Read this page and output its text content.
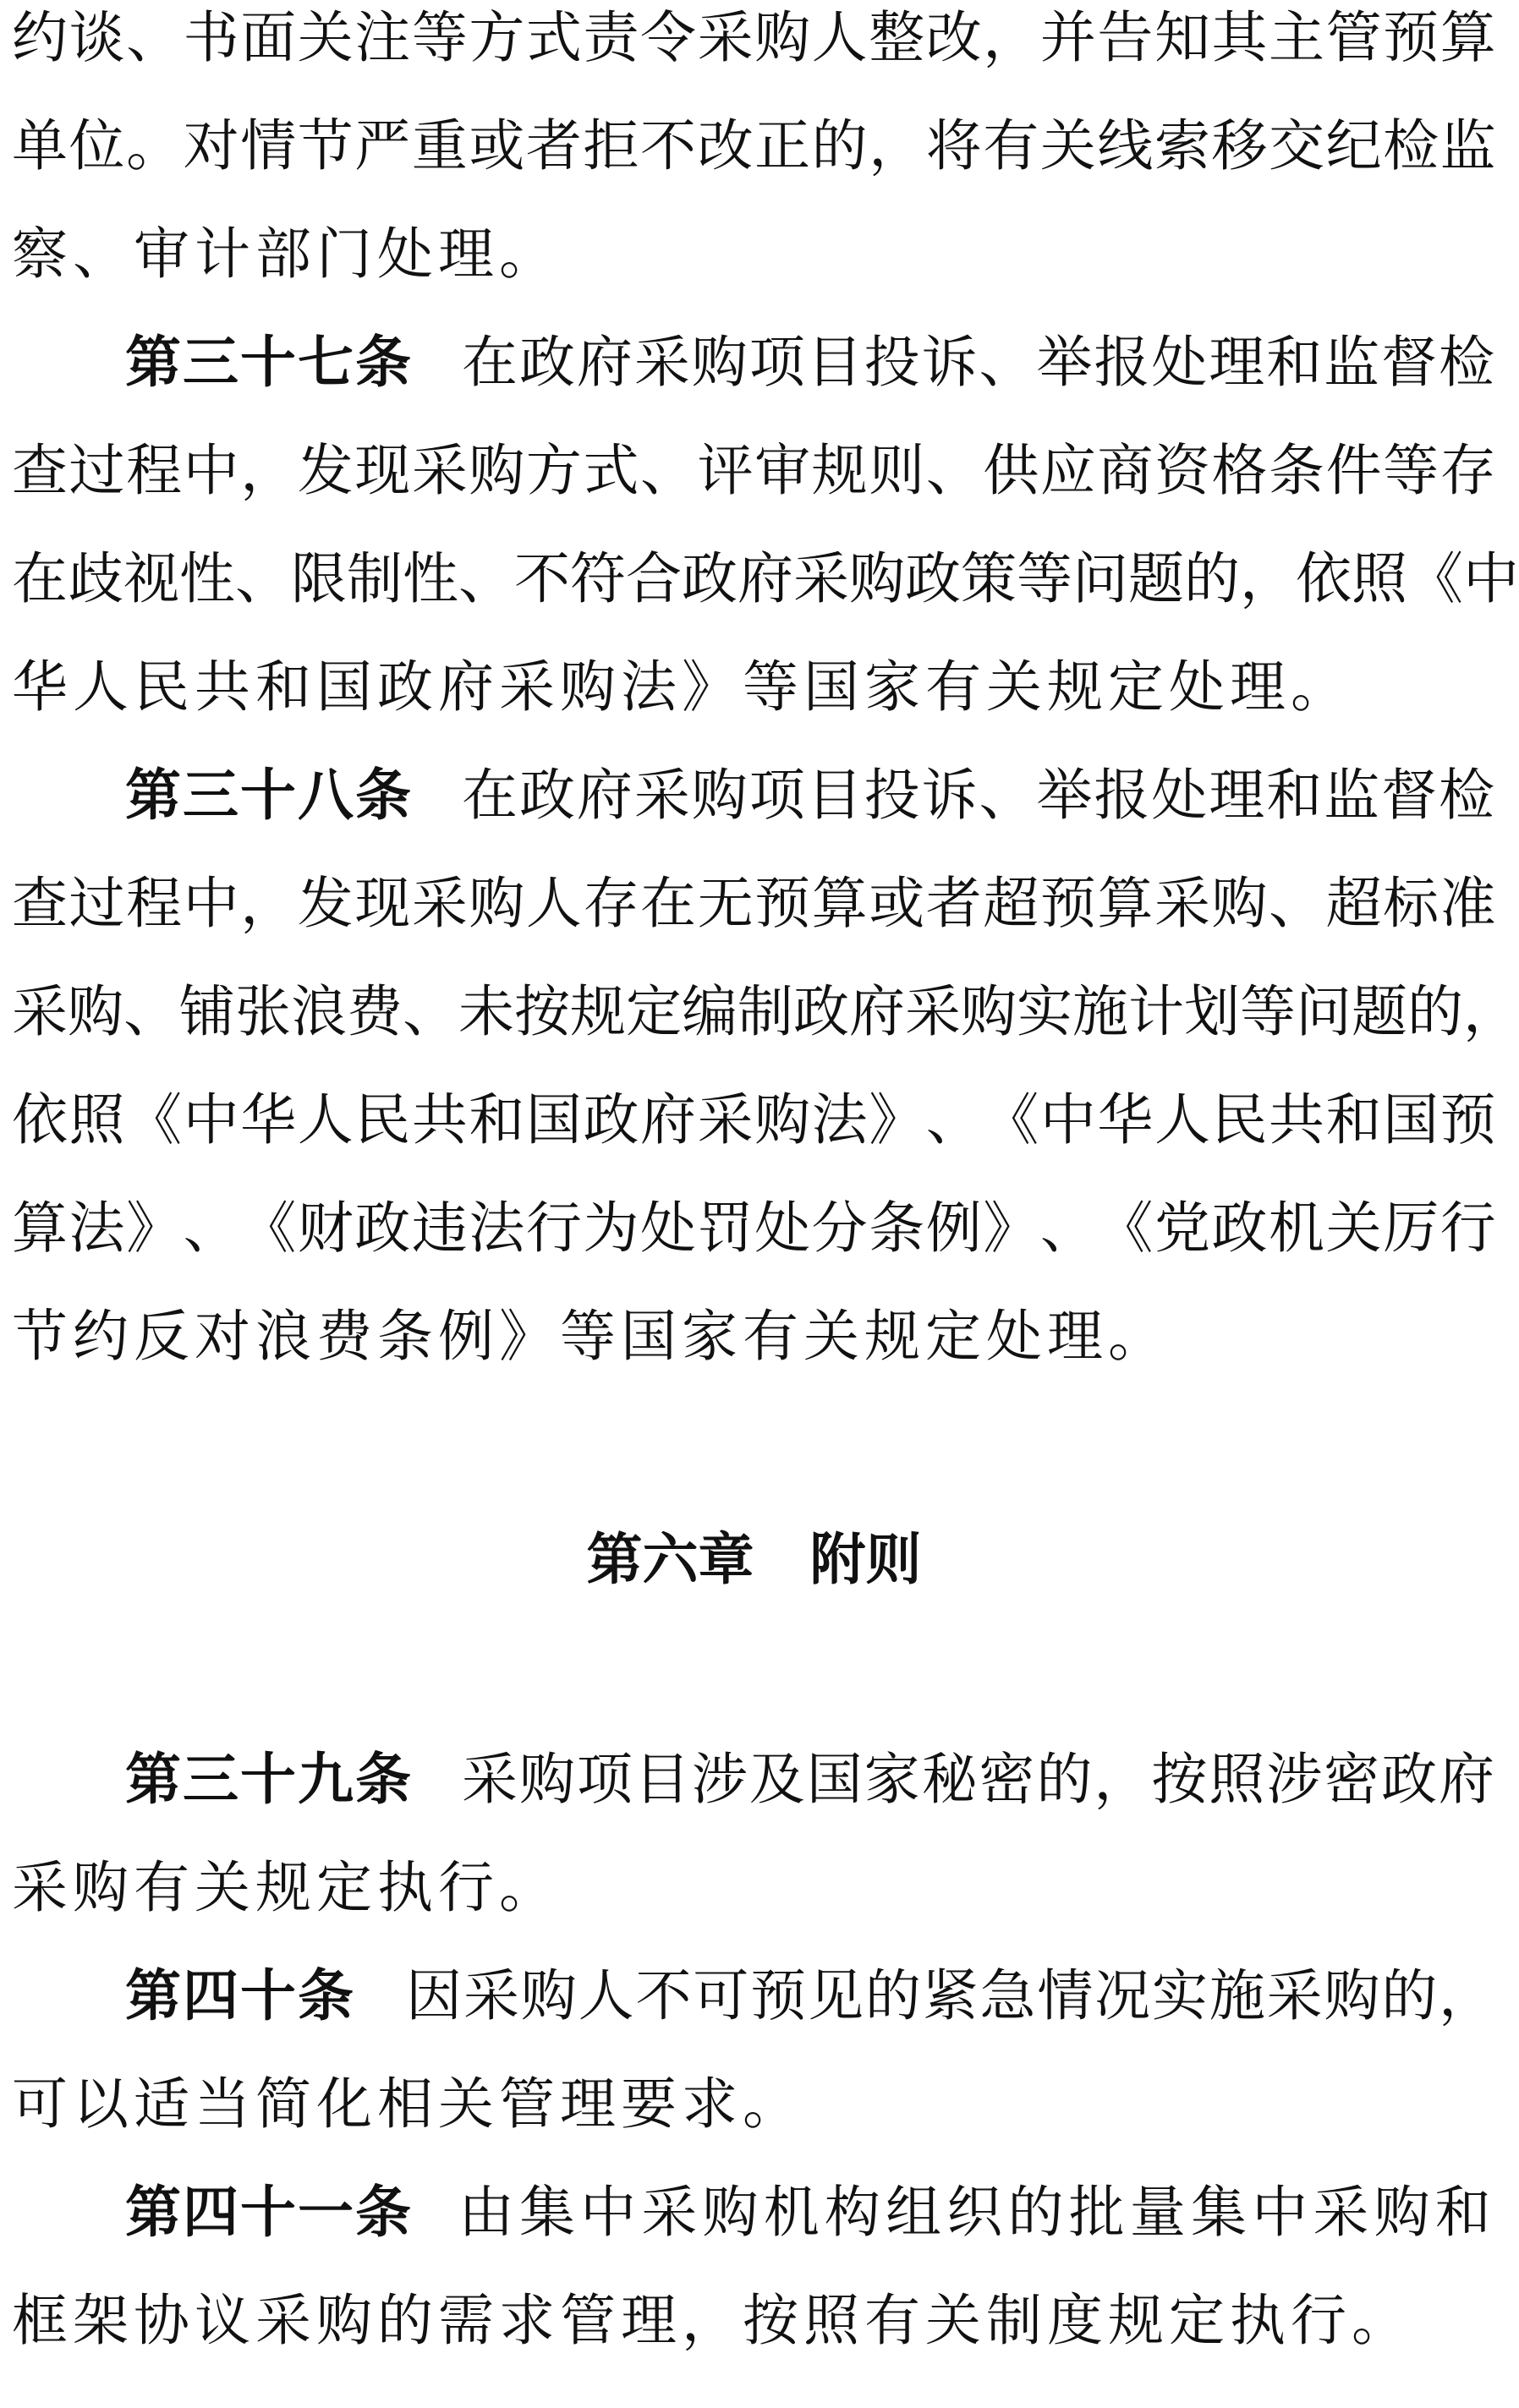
约 谈 、 书 面 关 注 等 方 式 责 令 采 购 人 整 改 ， 并 告 知 其 主 管 预 算
单 位 。 对 情 节 严 重 或 者 拒 不 改 正 的 ， 将 有 关 线 索 移 交 纪 检 监
察 、 审 计 部 门 处 理 。
第三十七条 在政府采购项目投诉、举报处理和监督检
查 过 程 中 ， 发 现 采 购 方 式 、 评 审 规 则 、 供 应 商 资 格 条 件 等 存
在 歧 视 性 、 限 制 性 、 不 符 合 政 府 采 购 政 策 等 问 题 的 ， 依 照 《 中
华 人 民 共 和 国 政 府 采 购 法 》 等 国 家 有 关 规 定 处 理 。
第三十八条 在政府采购项目投诉、举报处理和监督检
查 过 程 中 ， 发 现 采 购 人 存 在 无 预 算 或 者 超 预 算 采 购 、 超 标 准
采 购 、 铺 张 浪 费 、 未 按 规 定 编 制 政 府 采 购 实 施 计 划 等 问 题 的 ，
依 照 《 中 华 人 民 共 和 国 政 府 采 购 法 》 、 《 中 华 人 民 共 和 国 预
算 法 》 、 《 财 政 违 法 行 为 处 罚 处 分 条 例 》 、 《 党 政 机 关 厉 行
节 约 反 对 浪 费 条 例 》 等 国 家 有 关 规 定 处 理 。
第六章　附则
第三十九条 采购项目涉及国家秘密的，按照涉密政府
采 购 有 关 规 定 执 行 。
第四十条 因采购人不可预见的紧急情况实施采购的，
可 以 适 当 简 化 相 关 管 理 要 求 。
第四十一条 由集中采购机构组织的批量集中采购和
框 架 协 议 采 购 的 需 求 管 理 ， 按 照 有 关 制 度 规 定 执 行 。
